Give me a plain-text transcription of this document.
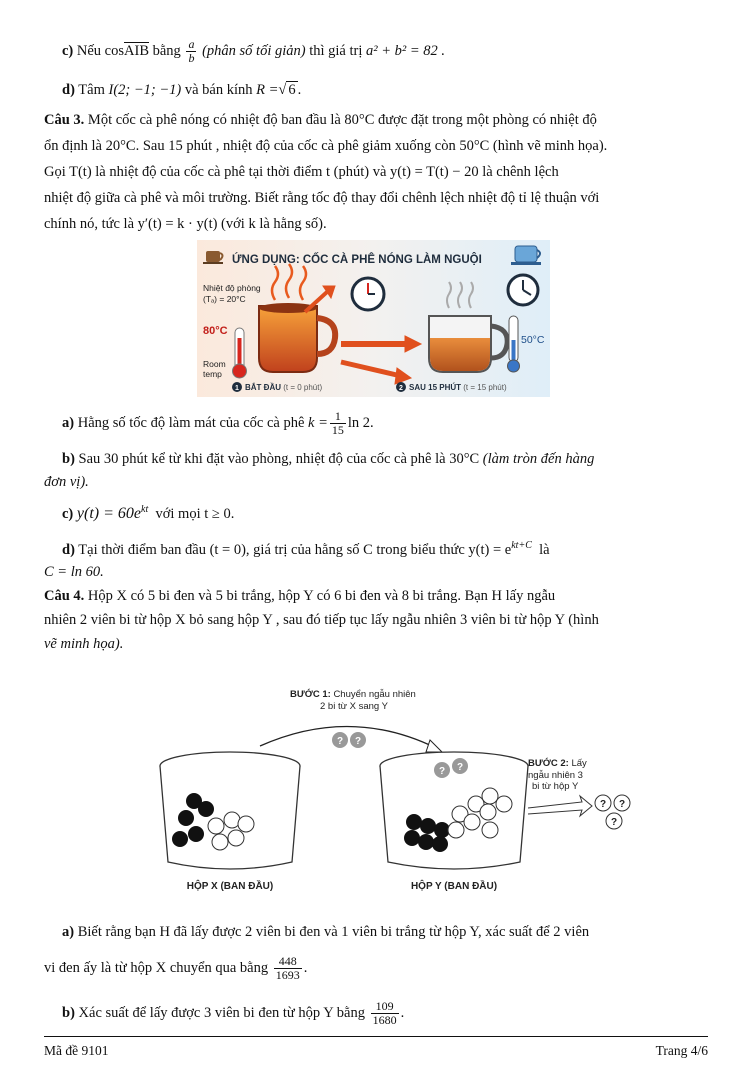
c) Nếu cosAIB bằng $\frac{a}{b}$ (phân số tối giản) thì giá trị a² + b² = 82 .
d) Tâm I(2; −1; −1) và bán kính R =√ 6 .
Câu 3. Một cốc cà phê nóng có nhiệt độ ban đầu là 80°C được đặt trong một phòng có nhiệt độ
ổn định là 20°C. Sau 15 phút , nhiệt độ của cốc cà phê giảm xuống còn 50°C (hình vẽ minh họa).
Gọi T(t) là nhiệt độ của cốc cà phê tại thời điểm t (phút) và y(t) = T(t) − 20 là chênh lệch
nhiệt độ giữa cà phê và môi trường. Biết rằng tốc độ thay đổi chênh lệch nhiệt độ tỉ lệ thuận với
chính nó, tức là y′(t) = k · y(t) (với k là hằng số).
ỨNG DỤNG: CỐC CÀ PHÊ NÓNG LÀM NGUỘI
Nhiệt độ phòng
(Tₐ) = 20°C
80°C
Room
temp
50°C
1 BẮT ĐẦU (t = 0 phút)	2 SAU 15 PHÚT (t = 15 phút)
a) Hằng số tốc độ làm mát của cốc cà phê $k = \frac{1}{15}$ ln 2.
b) Sau 30 phút kể từ khi đặt vào phòng, nhiệt độ của cốc cà phê là 30°C (làm tròn đến hàng
đơn vị).
c) $y(t) = 60e^{kt}$ với mọi t ≥ 0.
d) Tại thời điểm ban đầu (t = 0), giá trị của hằng số C trong biểu thức $y(t) = e^{kt+C}$ là
C = ln 60.
Câu 4. Hộp X có 5 bi đen và 5 bi trắng, hộp Y có 6 bi đen và 8 bi trắng. Bạn H lấy ngẫu
nhiên 2 viên bi từ hộp X bỏ sang hộp Y , sau đó tiếp tục lấy ngẫu nhiên 3 viên bi từ hộp Y (hình
vẽ minh họa).
BƯỚC 1: Chuyển ngẫu nhiên
2 bi từ X sang Y
? ?
HỘP X (BAN ĐẦU)
? ?
HỘP Y (BAN ĐẦU)
BƯỚC 2: Lấy
ngẫu nhiên 3
bi từ hộp Y
? ?
?
a) Biết rằng bạn H đã lấy được 2 viên bi đen và 1 viên bi trắng từ hộp Y, xác suất để 2 viên
vi đen ấy là từ hộp X chuyển qua bằng $\frac{448}{1693}$ .
b) Xác suất để lấy được 3 viên bi đen từ hộp Y bằng $\frac{109}{1680}$ .
Mã đề 9101	Trang 4/6
